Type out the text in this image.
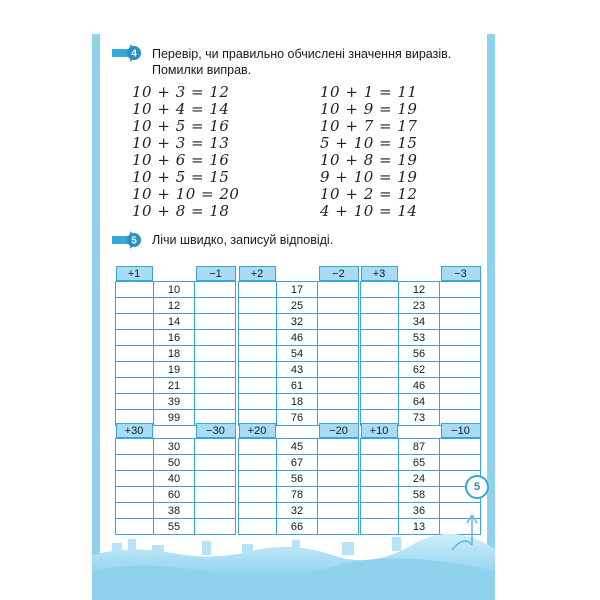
4 Перевір, чи правильно обчислені значення виразів.
Помилки виправ.
10 + 3 = 12
10 + 4 = 14
10 + 5 = 16
10 + 3 = 13
10 + 6 = 16
10 + 5 = 15
10 + 10 = 20
10 + 8 = 18
10 + 1 = 11
10 + 9 = 19
10 + 7 = 17
5 + 10 = 15
10 + 8 = 19
9 + 10 = 19
10 + 2 = 12
4 + 10 = 14
5 Лічи швидко, записуй відповіді.
+1		−1

	10	
	12	
	14	
	16	
	18	
	19	
	21	
	39	
	99	
+2		−2

	17	
	25	
	32	
	46	
	54	
	43	
	61	
	18	
	76	
+3		−3

	12	
	23	
	34	
	53	
	56	
	62	
	46	
	64	
	73	
+30		−30

	30	
	50	
	40	
	60	
	38	
	55	
+20		−20

	45	
	67	
	56	
	78	
	32	
	66	
+10		−10

	87	
	65	
	24	
	58	
	36	
	13	
5
